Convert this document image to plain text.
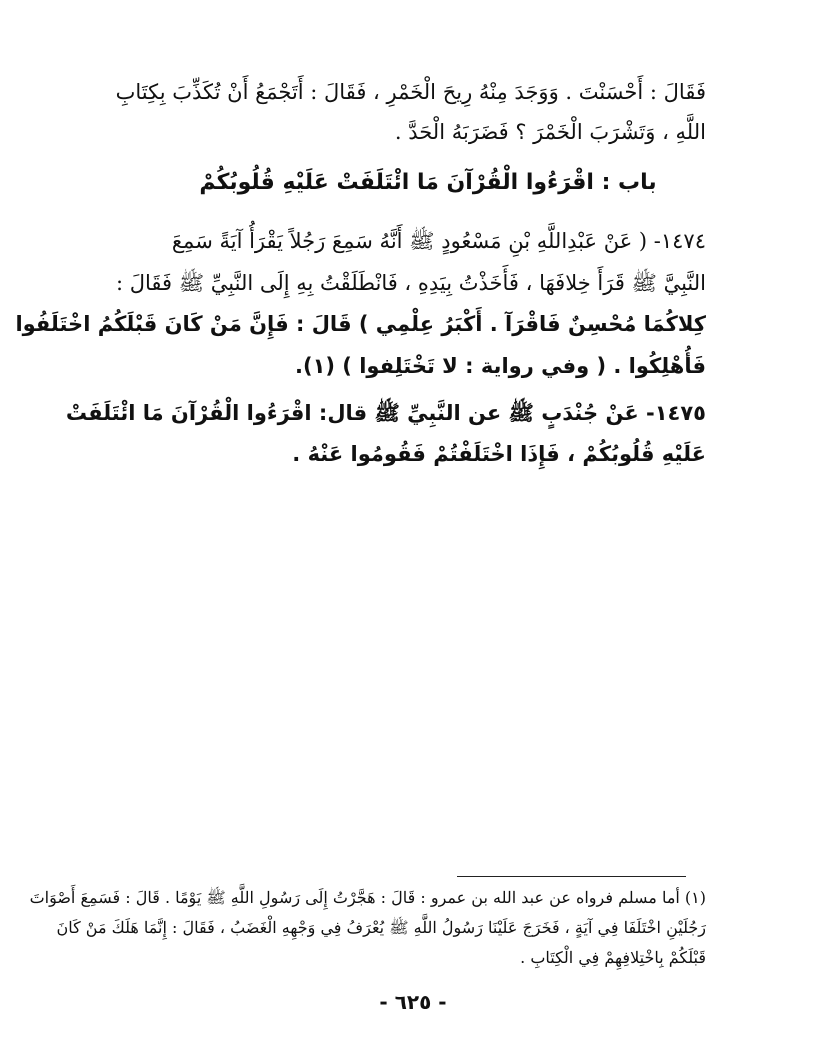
فَقَالَ : أَحْسَنْتَ . وَوَجَدَ مِنْهُ رِيحَ الْخَمْرِ ، فَقَالَ : أَتَجْمَعُ أَنْ تُكَذِّبَ بِكِتَابِ
اللَّهِ ، وَتَشْرَبَ الْخَمْرَ ؟ فَضَرَبَهُ الْحَدَّ .
باب : اقْرَءُوا الْقُرْآنَ مَا ائْتَلَفَتْ عَلَيْهِ قُلُوبُكُمْ
١٤٧٤- ( عَنْ عَبْدِاللَّهِ بْنِ مَسْعُودٍ ﷺ أَنَّهُ سَمِعَ رَجُلاً يَقْرَأُ آيَةً سَمِعَ
النَّبِيَّ ﷺ قَرَأَ خِلافَهَا ، فَأَخَذْتُ بِيَدِهِ ، فَانْطَلَقْتُ بِهِ إِلَى النَّبِيِّ ﷺ فَقَالَ :
كِلاكُمَا مُحْسِنٌ فَاقْرَآ . أَكْبَرُ عِلْمِي ) قَالَ : فَإِنَّ مَنْ كَانَ قَبْلَكُمُ اخْتَلَفُوا
فَأُهْلِكُوا . ( وفي رواية : لا تَخْتَلِفوا ) (١).
١٤٧٥- عَنْ جُنْدَبٍ ﷺ عن النَّبِيِّ ﷺ قال: اقْرَءُوا الْقُرْآنَ مَا ائْتَلَفَتْ
عَلَيْهِ قُلُوبُكُمْ ، فَإِذَا اخْتَلَفْتُمْ فَقُومُوا عَنْهُ .
(١) أما مسلم فرواه عن عبد الله بن عمرو : قَالَ : هَجَّرْتُ إِلَى رَسُولِ اللَّهِ ﷺ يَوْمًا . قَالَ : فَسَمِعَ أَصْوَاتَ
رَجُلَيْنِ اخْتَلَفَا فِي آيَةٍ ، فَخَرَجَ عَلَيْنَا رَسُولُ اللَّهِ ﷺ يُعْرَفُ فِي وَجْهِهِ الْغَضَبُ ، فَقَالَ : إِنَّمَا هَلَكَ مَنْ كَانَ
قَبْلَكُمْ بِاخْتِلافِهِمْ فِي الْكِتَابِ .
- ٦٢٥ -
